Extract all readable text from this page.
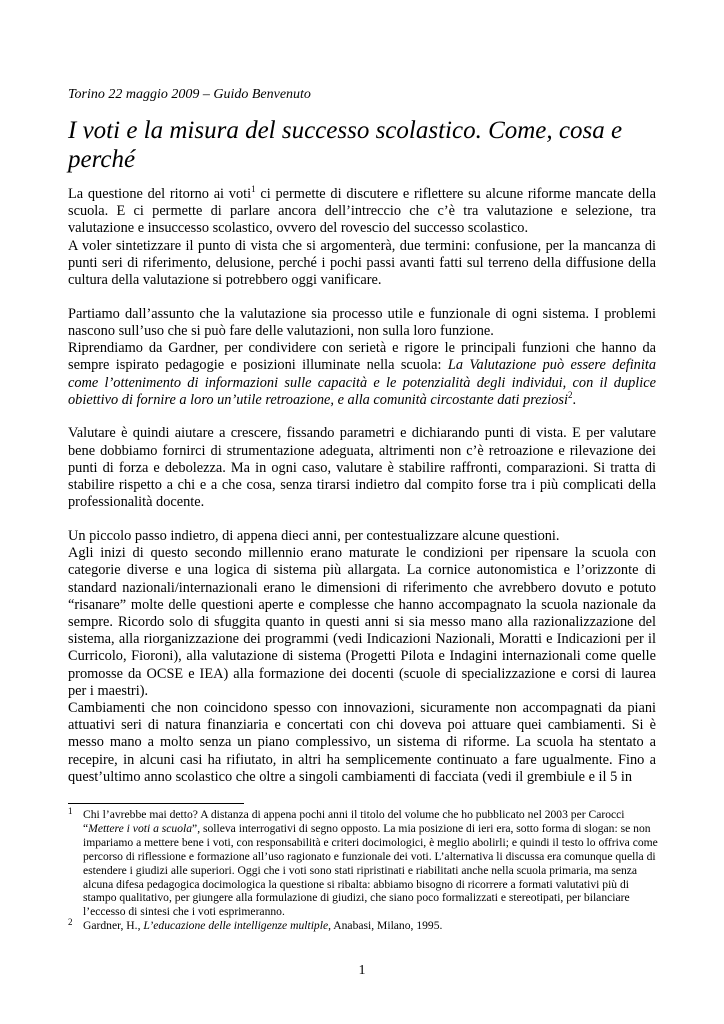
Torino 22 maggio 2009 – Guido Benvenuto

I voti e la misura del successo scolastico. Come, cosa e perché
La questione del ritorno ai voti$^1$ ci permette di discutere e riflettere su alcune riforme mancate della scuola. E ci permette di parlare ancora dell’intreccio che c’è tra valutazione e selezione, tra valutazione e insuccesso scolastico, ovvero del rovescio del successo scolastico.
A voler sintetizzare il punto di vista che si argomenterà, due termini: confusione, per la mancanza di punti seri di riferimento, delusione, perché i pochi passi avanti fatti sul terreno della diffusione della cultura della valutazione si potrebbero oggi vanificare.
Partiamo dall’assunto che la valutazione sia processo utile e funzionale di ogni sistema. I problemi nascono sull’uso che si può fare delle valutazioni, non sulla loro funzione.
Riprendiamo da Gardner, per condividere con serietà e rigore le principali funzioni che hanno da sempre ispirato pedagogie e posizioni illuminate nella scuola: La Valutazione può essere definita come l’ottenimento di informazioni sulle capacità e le potenzialità degli individui, con il duplice obiettivo di fornire a loro un’utile retroazione, e alla comunità circostante dati preziosi$^2$.
Valutare è quindi aiutare a crescere, fissando parametri e dichiarando punti di vista. E per valutare bene dobbiamo fornirci di strumentazione adeguata, altrimenti non c’è retroazione e rilevazione dei punti di forza e debolezza. Ma in ogni caso, valutare è stabilire raffronti, comparazioni. Si tratta di stabilire rispetto a chi e a che cosa, senza tirarsi indietro dal compito forse tra i più complicati della professionalità docente.
Un piccolo passo indietro, di appena dieci anni, per contestualizzare alcune questioni.
Agli inizi di questo secondo millennio erano maturate le condizioni per ripensare la scuola con categorie diverse e una logica di sistema più allargata. La cornice autonomistica e l’orizzonte di standard nazionali/internazionali erano le dimensioni di riferimento che avrebbero dovuto e potuto “risanare” molte delle questioni aperte e complesse che hanno accompagnato la scuola nazionale da sempre. Ricordo solo di sfuggita quanto in questi anni si sia messo mano alla razionalizzazione del sistema, alla riorganizzazione dei programmi (vedi Indicazioni Nazionali, Moratti e Indicazioni per il Curricolo, Fioroni), alla valutazione di sistema (Progetti Pilota e Indagini internazionali come quelle promosse da OCSE e IEA) alla formazione dei docenti (scuole di specializzazione e corsi di laurea per i maestri).
Cambiamenti che non coincidono spesso con innovazioni, sicuramente non accompagnati da piani attuativi seri di natura finanziaria e concertati con chi doveva poi attuare quei cambiamenti. Si è messo mano a molto senza un piano complessivo, un sistema di riforme. La scuola ha stentato a recepire, in alcuni casi ha rifiutato, in altri ha semplicemente continuato a fare ugualmente. Fino a quest’ultimo anno scolastico che oltre a singoli cambiamenti di facciata (vedi il grembiule e il 5 in

1 Chi l’avrebbe mai detto? A distanza di appena pochi anni il titolo del volume che ho pubblicato nel 2003 per Carocci “Mettere i voti a scuola”, solleva interrogativi di segno opposto. La mia posizione di ieri era, sotto forma di slogan: se non impariamo a mettere bene i voti, con responsabilità e criteri docimologici, è meglio abolirli; e quindi il testo lo offriva come percorso di riflessione e formazione all’uso ragionato e funzionale dei voti. L’alternativa li discussa era comunque quella di estendere i giudizi alle superiori. Oggi che i voti sono stati ripristinati e riabilitati anche nella scuola primaria, ma senza alcuna difesa pedagogica docimologica la questione si ribalta: abbiamo bisogno di ricorrere a formati valutativi più di stampo qualitativo, per giungere alla formulazione di giudizi, che siano poco formalizzati e stereotipati, per bilanciare l’eccesso di sintesi che i voti esprimeranno.

2 Gardner, H., L’educazione delle intelligenze multiple, Anabasi, Milano, 1995.

1
